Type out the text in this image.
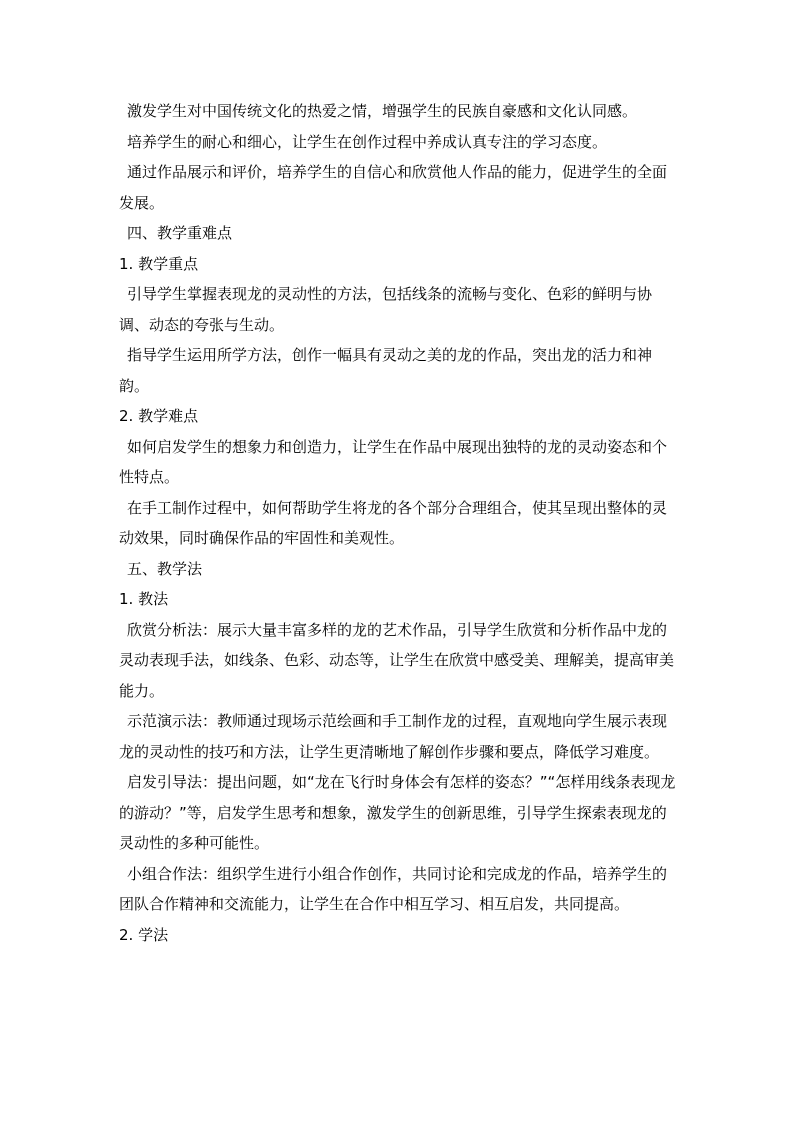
激发学生对中国传统文化的热爱之情，增强学生的民族自豪感和文化认同感。

培养学生的耐心和细心，让学生在创作过程中养成认真专注的学习态度。

通过作品展示和评价，培养学生的自信心和欣赏他人作品的能力，促进学生的全面发展。

四、教学重难点

1. 教学重点

引导学生掌握表现龙的灵动性的方法，包括线条的流畅与变化、色彩的鲜明与协调、动态的夸张与生动。

指导学生运用所学方法，创作一幅具有灵动之美的龙的作品，突出龙的活力和神韵。

2. 教学难点

如何启发学生的想象力和创造力，让学生在作品中展现出独特的龙的灵动姿态和个性特点。

在手工制作过程中，如何帮助学生将龙的各个部分合理组合，使其呈现出整体的灵动效果，同时确保作品的牢固性和美观性。

五、教学法

1. 教法

欣赏分析法：展示大量丰富多样的龙的艺术作品，引导学生欣赏和分析作品中龙的灵动表现手法，如线条、色彩、动态等，让学生在欣赏中感受美、理解美，提高审美能力。

示范演示法：教师通过现场示范绘画和手工制作龙的过程，直观地向学生展示表现龙的灵动性的技巧和方法，让学生更清晰地了解创作步骤和要点，降低学习难度。

启发引导法：提出问题，如“龙在飞行时身体会有怎样的姿态？”“怎样用线条表现龙的游动？”等，启发学生思考和想象，激发学生的创新思维，引导学生探索表现龙的灵动性的多种可能性。

小组合作法：组织学生进行小组合作创作，共同讨论和完成龙的作品，培养学生的团队合作精神和交流能力，让学生在合作中相互学习、相互启发，共同提高。

2. 学法
